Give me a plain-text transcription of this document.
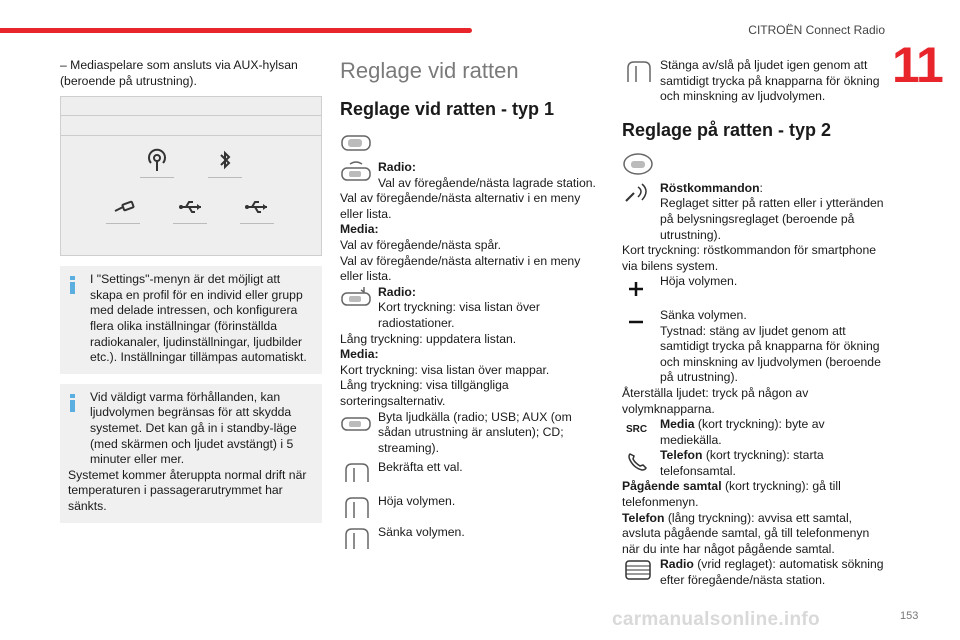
CITROËN Connect Radio
11
153
carmanualsonline.info

– Mediaspelare som ansluts via AUX-hylsan (beroende på utrustning).

I "Settings"-menyn är det möjligt att skapa en profil för en individ eller grupp med delade intressen, och konfigurera flera olika inställningar (förinställda radiokanaler, ljudinställningar, ljudbilder etc.). Inställningar tillämpas automatiskt.

Vid väldigt varma förhållanden, kan ljudvolymen begränsas för att skydda systemet. Det kan gå in i standby-läge (med skärmen och ljudet avstängt) i 5 minuter eller mer.

Systemet kommer återuppta normal drift när temperaturen i passagerarutrymmet har sänkts.

Reglage vid ratten
Reglage vid ratten - typ 1

Radio:

Val av föregående/nästa lagrade station.

Val av föregående/nästa alternativ i en meny eller lista.

Media:

Val av föregående/nästa spår.

Val av föregående/nästa alternativ i en meny eller lista.

Radio:

Kort tryckning: visa listan över radiostationer.

Lång tryckning: uppdatera listan.

Media:

Kort tryckning: visa listan över mappar.

Lång tryckning: visa tillgängliga sorteringsalternativ.

Byta ljudkälla (radio; USB; AUX (om sådan utrustning är ansluten); CD; streaming).

Bekräfta ett val.

Höja volymen.

Sänka volymen.

Stänga av/slå på ljudet igen genom att samtidigt trycka på knapparna för ökning och minskning av ljudvolymen.

Reglage på ratten - typ 2

Röstkommandon:

Reglaget sitter på ratten eller i ytteränden på belysningsreglaget (beroende på utrustning).

Kort tryckning: röstkommandon för smartphone via bilens system.

Höja volymen.

Sänka volymen.

Tystnad: stäng av ljudet genom att samtidigt trycka på knapparna för ökning och minskning av ljudvolymen (beroende på utrustning).

Återställa ljudet: tryck på någon av volymknapparna.

SRC	Media (kort tryckning): byte av mediekälla.

Telefon (kort tryckning): starta telefonsamtal.

Pågående samtal (kort tryckning): gå till telefonmenyn.

Telefon (lång tryckning): avvisa ett samtal, avsluta pågående samtal, gå till telefonmenyn när du inte har något pågående samtal.

Radio (vrid reglaget): automatisk sökning efter föregående/nästa station.
